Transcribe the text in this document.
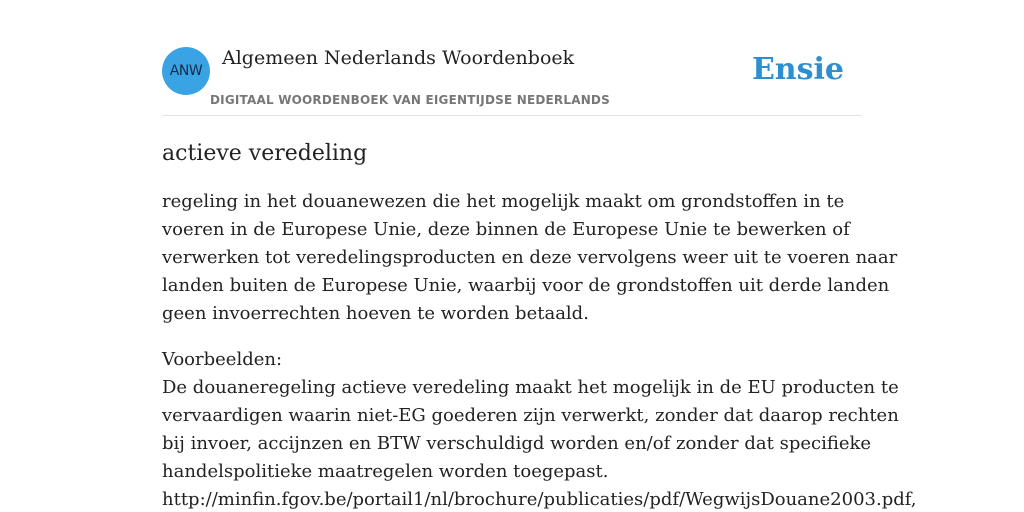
ANW
Algemeen Nederlands Woordenboek
DIGITAAL WOORDENBOEK VAN EIGENTIJDSE NEDERLANDS
Ensie
actieve veredeling
regeling in het douanewezen die het mogelijk maakt om grondstoffen in te
voeren in de Europese Unie, deze binnen de Europese Unie te bewerken of
verwerken tot veredelingsproducten en deze vervolgens weer uit te voeren naar
landen buiten de Europese Unie, waarbij voor de grondstoffen uit derde landen
geen invoerrechten hoeven te worden betaald.
Voorbeelden:
De douaneregeling actieve veredeling maakt het mogelijk in de EU producten te
vervaardigen waarin niet-EG goederen zijn verwerkt, zonder dat daarop rechten
bij invoer, accijnzen en BTW verschuldigd worden en/of zonder dat specifieke
handelspolitieke maatregelen worden toegepast.
http://minfin.fgov.be/portail1/nl/brochure/publicaties/pdf/WegwijsDouane2003.pdf,
